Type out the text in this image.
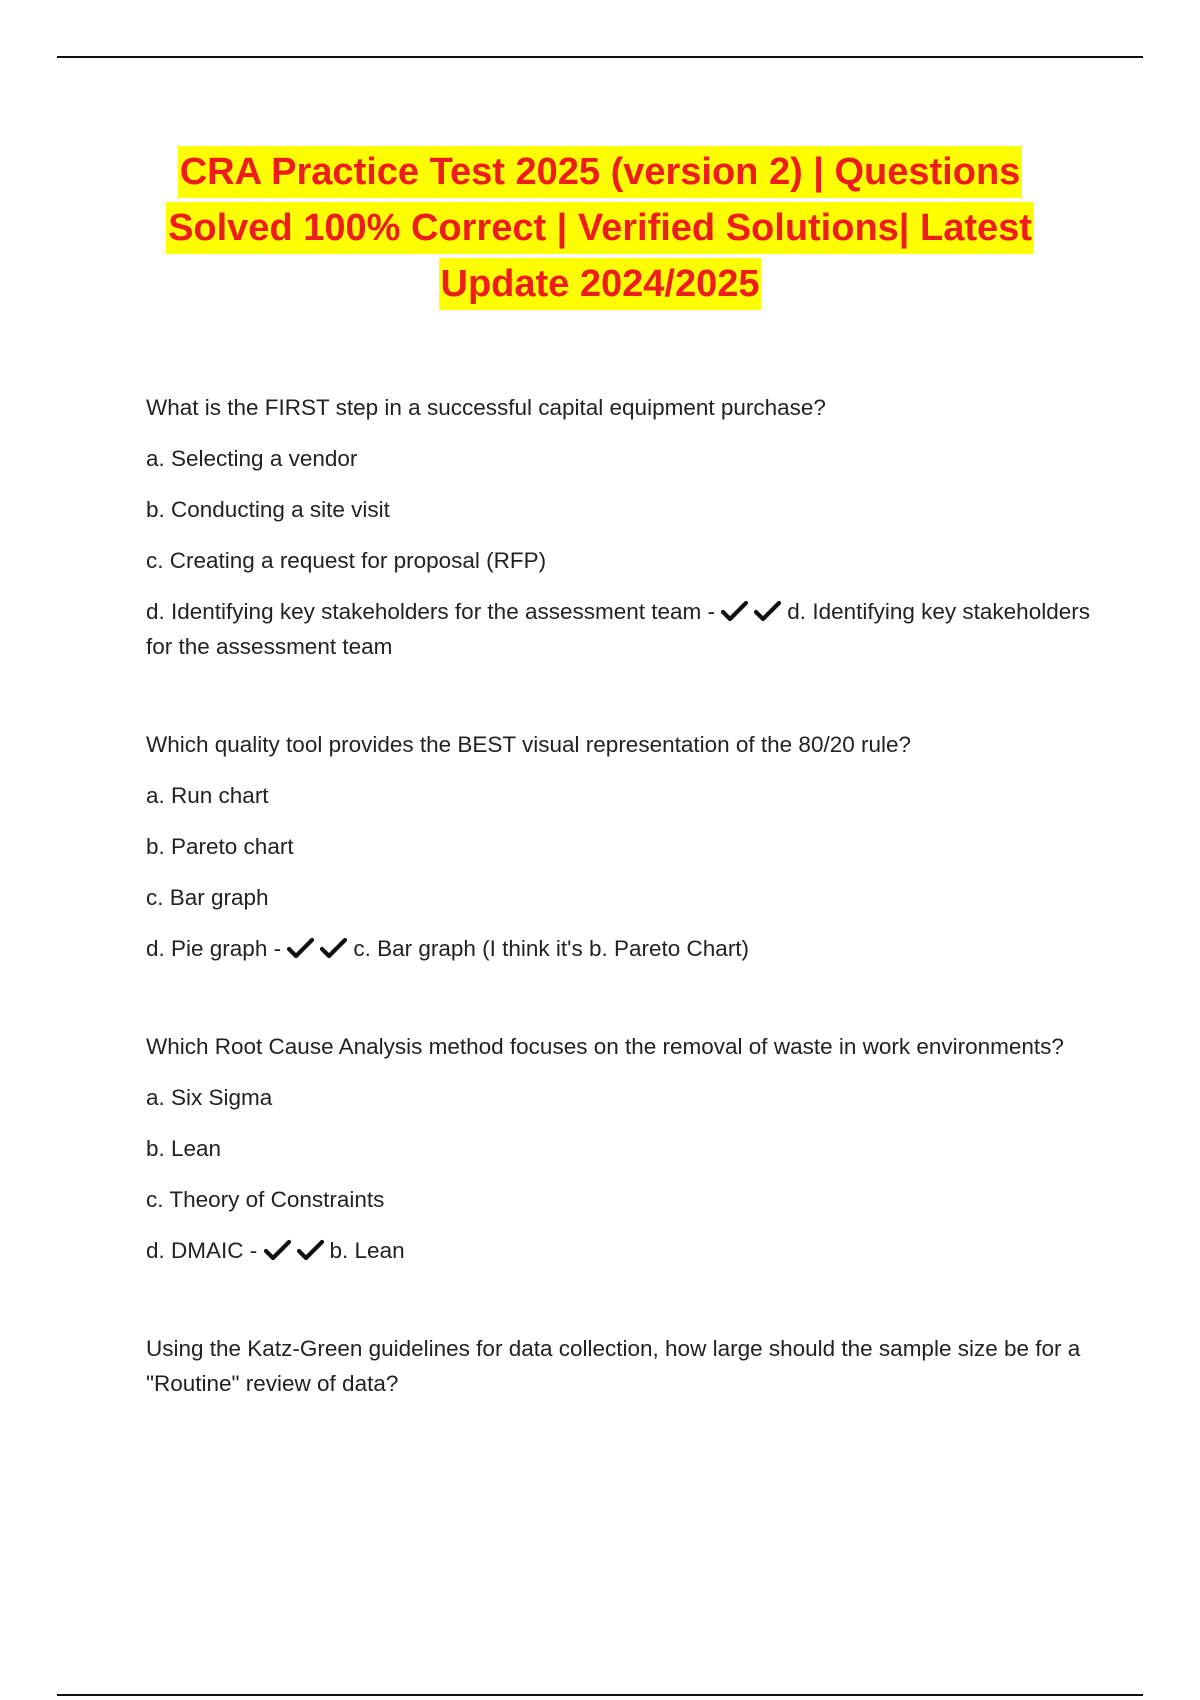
CRA Practice Test 2025 (version 2) | Questions
Solved 100% Correct | Verified Solutions| Latest
Update 2024/2025
What is the FIRST step in a successful capital equipment purchase?
a. Selecting a vendor
b. Conducting a site visit
c. Creating a request for proposal (RFP)
d. Identifying key stakeholders for the assessment team -	d. Identifying key stakeholders for the assessment team
Which quality tool provides the BEST visual representation of the 80/20 rule?
a. Run chart
b. Pareto chart
c. Bar graph
d. Pie graph -	c. Bar graph (I think it's b. Pareto Chart)
Which Root Cause Analysis method focuses on the removal of waste in work environments?
a. Six Sigma
b. Lean
c. Theory of Constraints
d. DMAIC -	b. Lean
Using the Katz-Green guidelines for data collection, how large should the sample size be for a "Routine" review of data?
